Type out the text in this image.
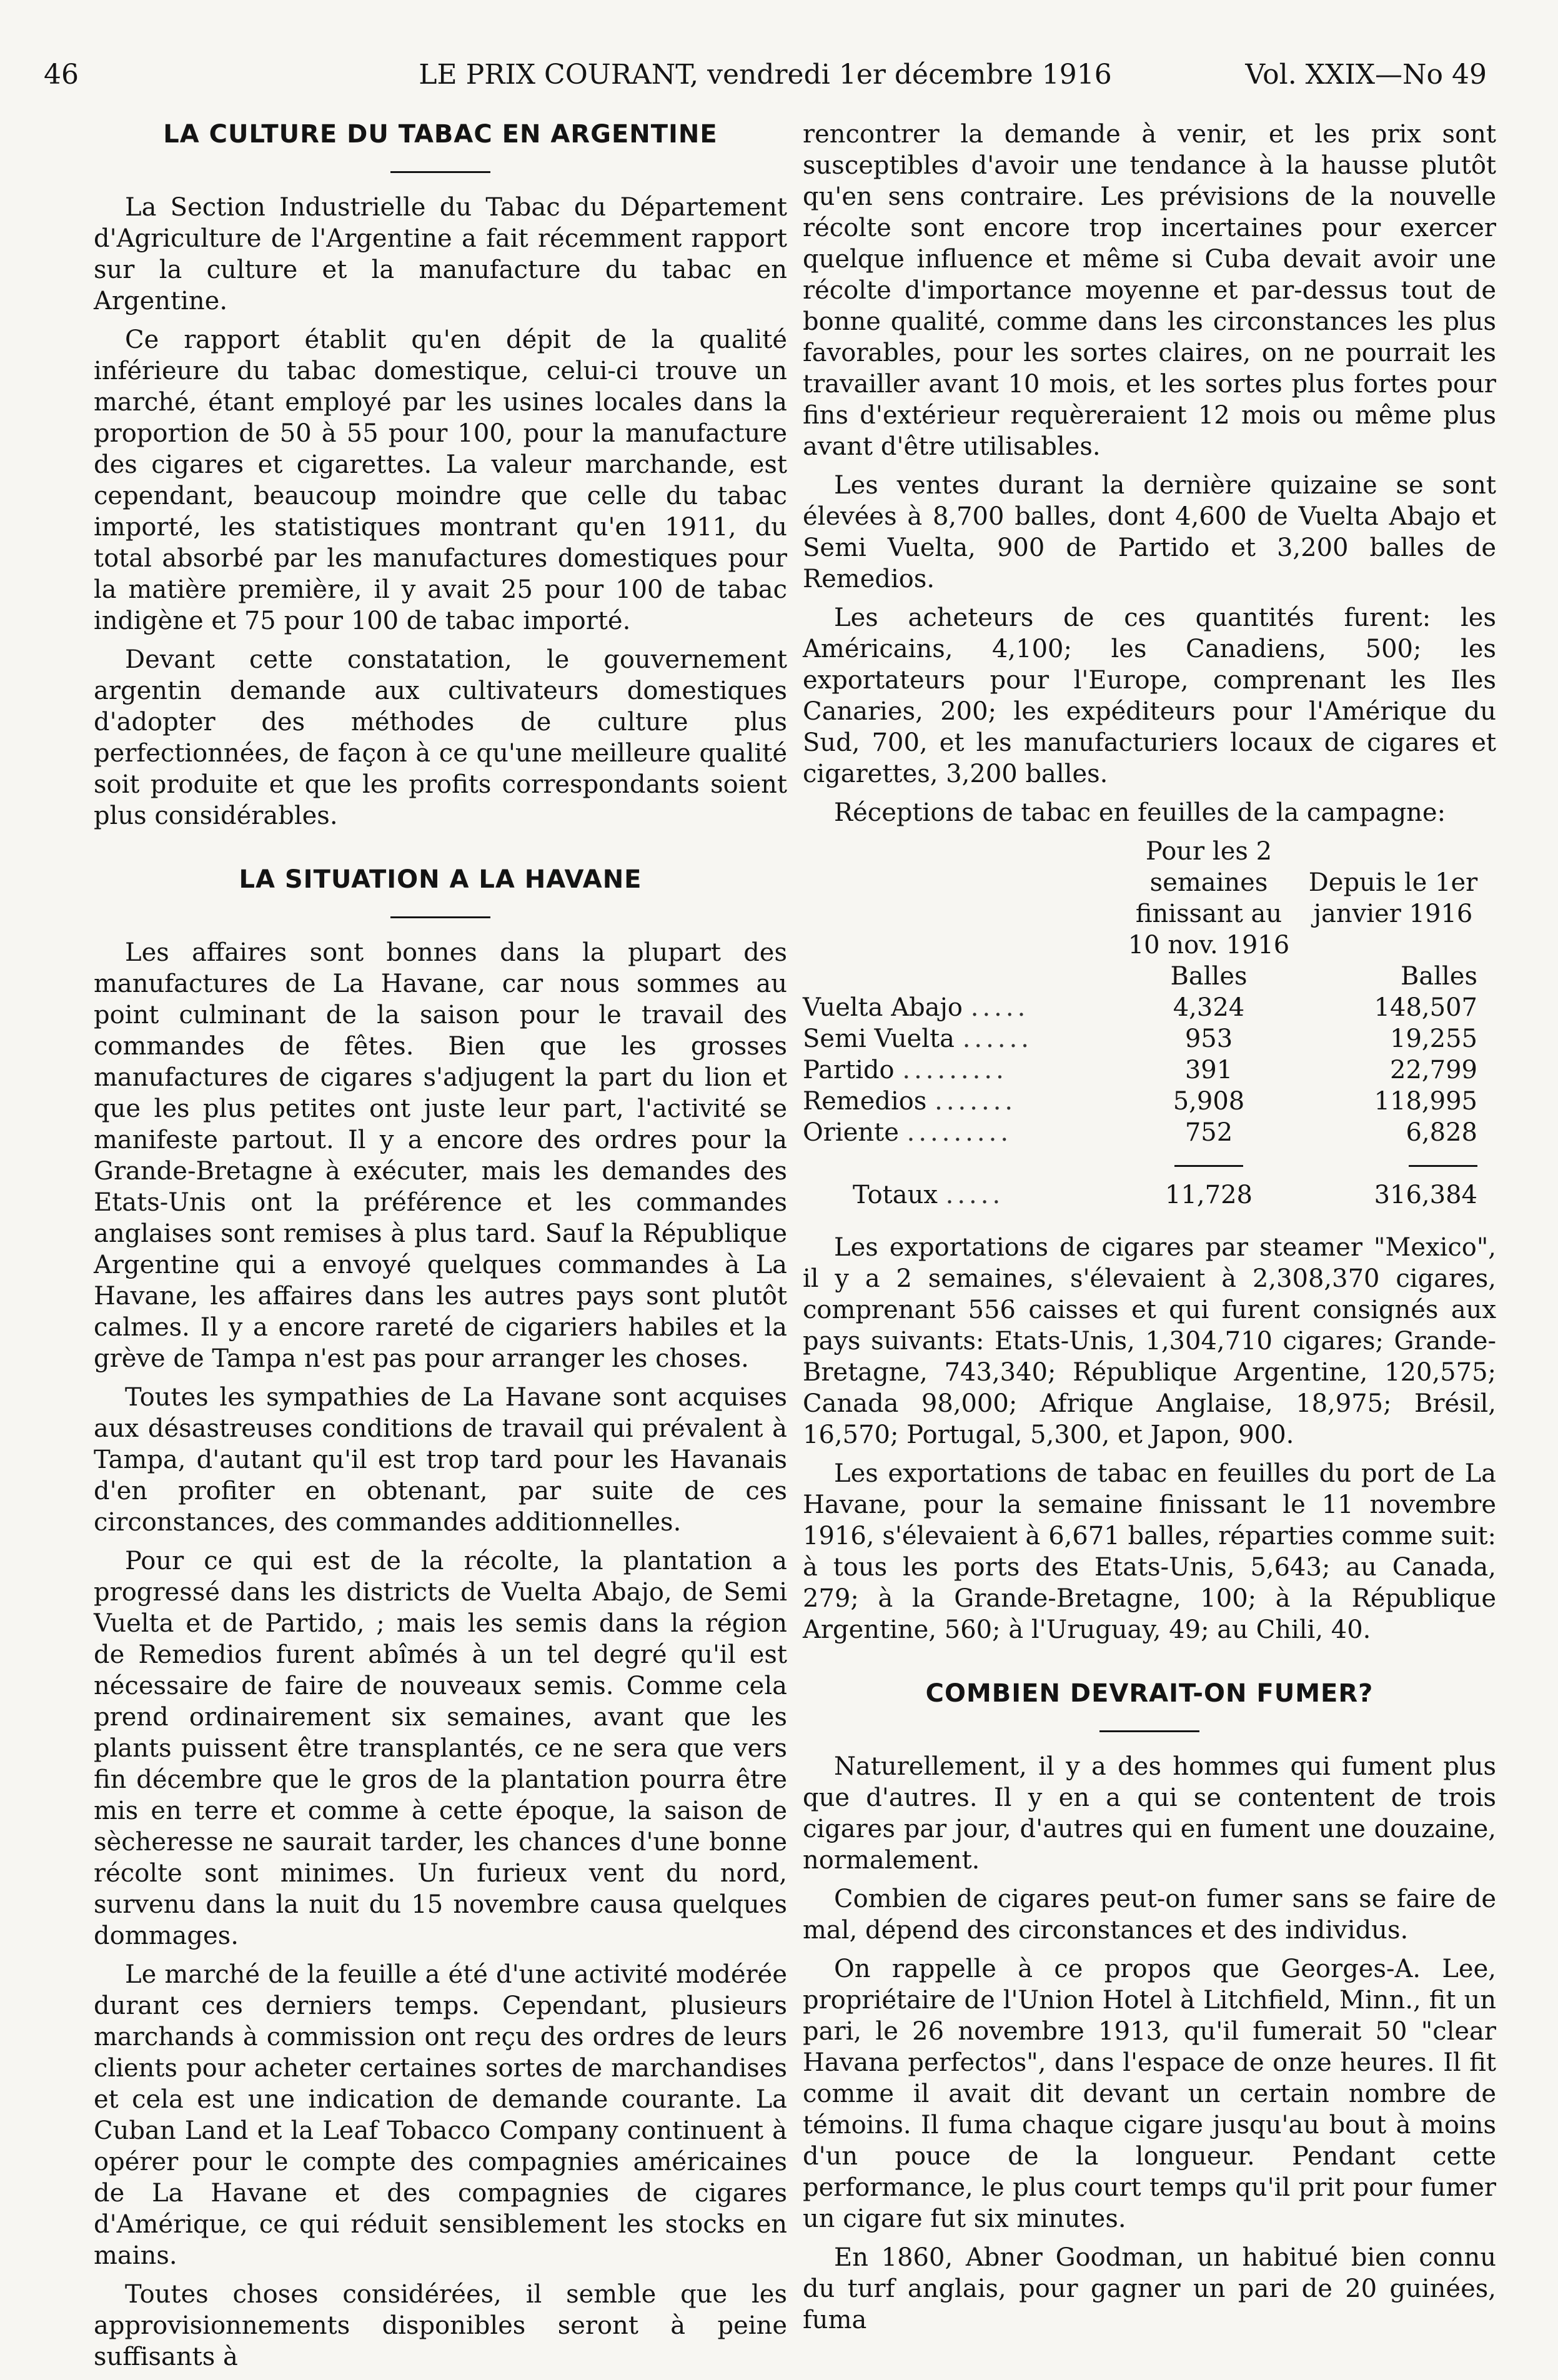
46	LE PRIX COURANT, vendredi 1er décembre 1916	Vol. XXIX—No 49
LA CULTURE DU TABAC EN ARGENTINE

La Section Industrielle du Tabac du Département d'Agriculture de l'Argentine a fait récemment rapport sur la culture et la manufacture du tabac en Argentine.

Ce rapport établit qu'en dépit de la qualité inférieure du tabac domestique, celui-ci trouve un marché, étant employé par les usines locales dans la proportion de 50 à 55 pour 100, pour la manufacture des cigares et cigarettes. La valeur marchande, est cependant, beaucoup moindre que celle du tabac importé, les statistiques montrant qu'en 1911, du total absorbé par les manufactures domestiques pour la matière première, il y avait 25 pour 100 de tabac indigène et 75 pour 100 de tabac importé.

Devant cette constatation, le gouvernement argentin demande aux cultivateurs domestiques d'adopter des méthodes de culture plus perfectionnées, de façon à ce qu'une meilleure qualité soit produite et que les profits correspondants soient plus considérables.

LA SITUATION A LA HAVANE

Les affaires sont bonnes dans la plupart des manufactures de La Havane, car nous sommes au point culminant de la saison pour le travail des commandes de fêtes. Bien que les grosses manufactures de cigares s'adjugent la part du lion et que les plus petites ont juste leur part, l'activité se manifeste partout. Il y a encore des ordres pour la Grande-Bretagne à exécuter, mais les demandes des Etats-Unis ont la préférence et les commandes anglaises sont remises à plus tard. Sauf la République Argentine qui a envoyé quelques commandes à La Havane, les affaires dans les autres pays sont plutôt calmes. Il y a encore rareté de cigariers habiles et la grève de Tampa n'est pas pour arranger les choses.

Toutes les sympathies de La Havane sont acquises aux désastreuses conditions de travail qui prévalent à Tampa, d'autant qu'il est trop tard pour les Havanais d'en profiter en obtenant, par suite de ces circonstances, des commandes additionnelles.

Pour ce qui est de la récolte, la plantation a progressé dans les districts de Vuelta Abajo, de Semi Vuelta et de Partido, ; mais les semis dans la région de Remedios furent abîmés à un tel degré qu'il est nécessaire de faire de nouveaux semis. Comme cela prend ordinairement six semaines, avant que les plants puissent être transplantés, ce ne sera que vers fin décembre que le gros de la plantation pourra être mis en terre et comme à cette époque, la saison de sècheresse ne saurait tarder, les chances d'une bonne récolte sont minimes. Un furieux vent du nord, survenu dans la nuit du 15 novembre causa quelques dommages.

Le marché de la feuille a été d'une activité modérée durant ces derniers temps. Cependant, plusieurs marchands à commission ont reçu des ordres de leurs clients pour acheter certaines sortes de marchandises et cela est une indication de demande courante. La Cuban Land et la Leaf Tobacco Company continuent à opérer pour le compte des compagnies américaines de La Havane et des compagnies de cigares d'Amérique, ce qui réduit sensiblement les stocks en mains.

Toutes choses considérées, il semble que les approvisionnements disponibles seront à peine suffisants à

rencontrer la demande à venir, et les prix sont susceptibles d'avoir une tendance à la hausse plutôt qu'en sens contraire. Les prévisions de la nouvelle récolte sont encore trop incertaines pour exercer quelque influence et même si Cuba devait avoir une récolte d'importance moyenne et par-dessus tout de bonne qualité, comme dans les circonstances les plus favorables, pour les sortes claires, on ne pourrait les travailler avant 10 mois, et les sortes plus fortes pour fins d'extérieur requèreraient 12 mois ou même plus avant d'être utilisables.

Les ventes durant la dernière quizaine se sont élevées à 8,700 balles, dont 4,600 de Vuelta Abajo et Semi Vuelta, 900 de Partido et 3,200 balles de Remedios.

Les acheteurs de ces quantités furent: les Américains, 4,100; les Canadiens, 500; les exportateurs pour l'Europe, comprenant les Iles Canaries, 200; les expéditeurs pour l'Amérique du Sud, 700, et les manufacturiers locaux de cigares et cigarettes, 3,200 balles.

Réceptions de tabac en feuilles de la campagne:

	Pour les 2 semaines finissant au 10 nov. 1916	Depuis le 1er janvier 1916
	Balles	Balles
Vuelta Abajo .....	4,324	148,507
Semi Vuelta ......	953	19,255
Partido .........	391	22,799
Remedios .......	5,908	118,995
Oriente .........	752	6,828

Totaux .....	11,728	316,384

Les exportations de cigares par steamer "Mexico", il y a 2 semaines, s'élevaient à 2,308,370 cigares, comprenant 556 caisses et qui furent consignés aux pays suivants: Etats-Unis, 1,304,710 cigares; Grande-Bretagne, 743,340; République Argentine, 120,575; Canada 98,000; Afrique Anglaise, 18,975; Brésil, 16,570; Portugal, 5,300, et Japon, 900.

Les exportations de tabac en feuilles du port de La Havane, pour la semaine finissant le 11 novembre 1916, s'élevaient à 6,671 balles, réparties comme suit: à tous les ports des Etats-Unis, 5,643; au Canada, 279; à la Grande-Bretagne, 100; à la République Argentine, 560; à l'Uruguay, 49; au Chili, 40.

COMBIEN DEVRAIT-ON FUMER?

Naturellement, il y a des hommes qui fument plus que d'autres. Il y en a qui se contentent de trois cigares par jour, d'autres qui en fument une douzaine, normalement.

Combien de cigares peut-on fumer sans se faire de mal, dépend des circonstances et des individus.

On rappelle à ce propos que Georges-A. Lee, propriétaire de l'Union Hotel à Litchfield, Minn., fit un pari, le 26 novembre 1913, qu'il fumerait 50 "clear Havana perfectos", dans l'espace de onze heures. Il fit comme il avait dit devant un certain nombre de témoins. Il fuma chaque cigare jusqu'au bout à moins d'un pouce de la longueur. Pendant cette performance, le plus court temps qu'il prit pour fumer un cigare fut six minutes.

En 1860, Abner Goodman, un habitué bien connu du turf anglais, pour gagner un pari de 20 guinées, fuma
